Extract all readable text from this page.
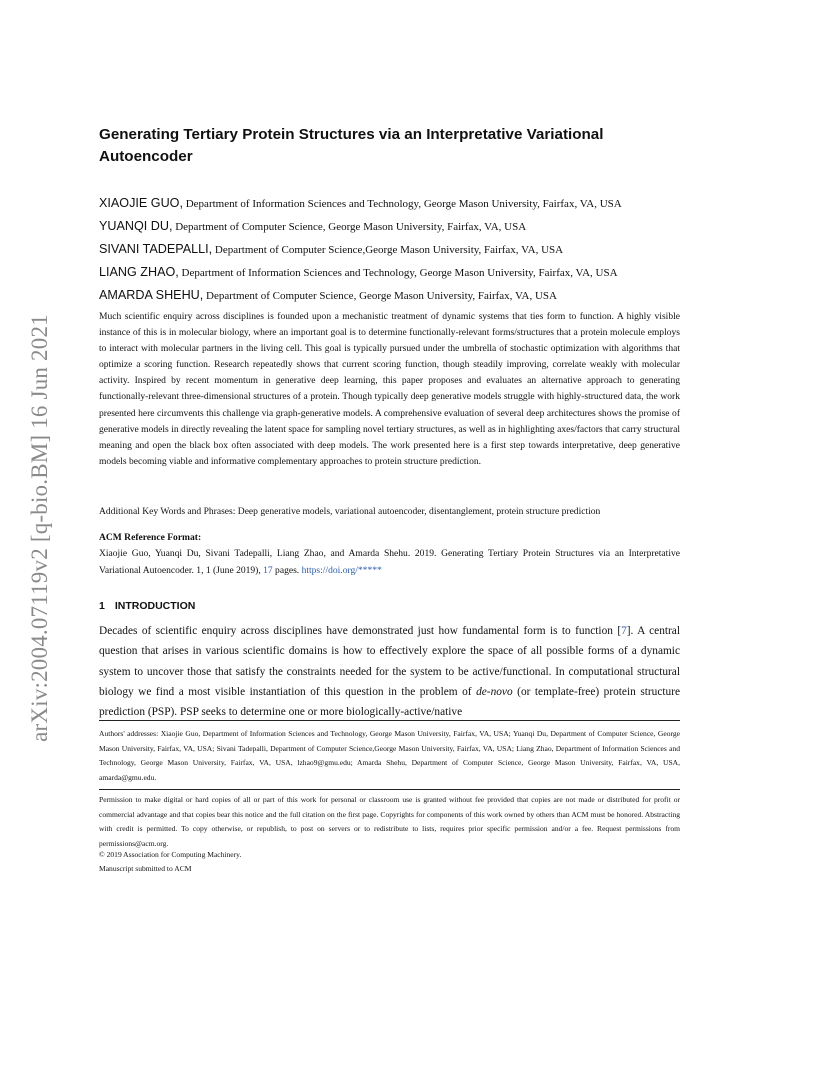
arXiv:2004.07119v2 [q-bio.BM] 16 Jun 2021
Generating Tertiary Protein Structures via an Interpretative Variational Autoencoder
XIAOJIE GUO, Department of Information Sciences and Technology, George Mason University, Fairfax, VA, USA
YUANQI DU, Department of Computer Science, George Mason University, Fairfax, VA, USA
SIVANI TADEPALLI, Department of Computer Science,George Mason University, Fairfax, VA, USA
LIANG ZHAO, Department of Information Sciences and Technology, George Mason University, Fairfax, VA, USA
AMARDA SHEHU, Department of Computer Science, George Mason University, Fairfax, VA, USA

Much scientific enquiry across disciplines is founded upon a mechanistic treatment of dynamic systems that ties form to function. A highly visible instance of this is in molecular biology, where an important goal is to determine functionally-relevant forms/structures that a protein molecule employs to interact with molecular partners in the living cell. This goal is typically pursued under the umbrella of stochastic optimization with algorithms that optimize a scoring function. Research repeatedly shows that current scoring function, though steadily improving, correlate weakly with molecular activity. Inspired by recent momentum in generative deep learning, this paper proposes and evaluates an alternative approach to generating functionally-relevant three-dimensional structures of a protein. Though typically deep generative models struggle with highly-structured data, the work presented here circumvents this challenge via graph-generative models. A comprehensive evaluation of several deep architectures shows the promise of generative models in directly revealing the latent space for sampling novel tertiary structures, as well as in highlighting axes/factors that carry structural meaning and open the black box often associated with deep models. The work presented here is a first step towards interpretative, deep generative models becoming viable and informative complementary approaches to protein structure prediction.

Additional Key Words and Phrases: Deep generative models, variational autoencoder, disentanglement, protein structure prediction
ACM Reference Format:

Xiaojie Guo, Yuanqi Du, Sivani Tadepalli, Liang Zhao, and Amarda Shehu. 2019. Generating Tertiary Protein Structures via an Interpretative Variational Autoencoder. 1, 1 (June 2019), 17 pages. https://doi.org/*****

1 INTRODUCTION

Decades of scientific enquiry across disciplines have demonstrated just how fundamental form is to function [7]. A central question that arises in various scientific domains is how to effectively explore the space of all possible forms of a dynamic system to uncover those that satisfy the constraints needed for the system to be active/functional. In computational structural biology we find a most visible instantiation of this question in the problem of de-novo (or template-free) protein structure prediction (PSP). PSP seeks to determine one or more biologically-active/native

Authors' addresses: Xiaojie Guo, Department of Information Sciences and Technology, George Mason University, Fairfax, VA, USA; Yuanqi Du, Department of Computer Science, George Mason University, Fairfax, VA, USA; Sivani Tadepalli, Department of Computer Science,George Mason University, Fairfax, VA, USA; Liang Zhao, Department of Information Sciences and Technology, George Mason University, Fairfax, VA, USA, lzhao9@gmu.edu; Amarda Shehu, Department of Computer Science, George Mason University, Fairfax, VA, USA, amarda@gmu.edu.

Permission to make digital or hard copies of all or part of this work for personal or classroom use is granted without fee provided that copies are not made or distributed for profit or commercial advantage and that copies bear this notice and the full citation on the first page. Copyrights for components of this work owned by others than ACM must be honored. Abstracting with credit is permitted. To copy otherwise, or republish, to post on servers or to redistribute to lists, requires prior specific permission and/or a fee. Request permissions from permissions@acm.org.

© 2019 Association for Computing Machinery.
Manuscript submitted to ACM
